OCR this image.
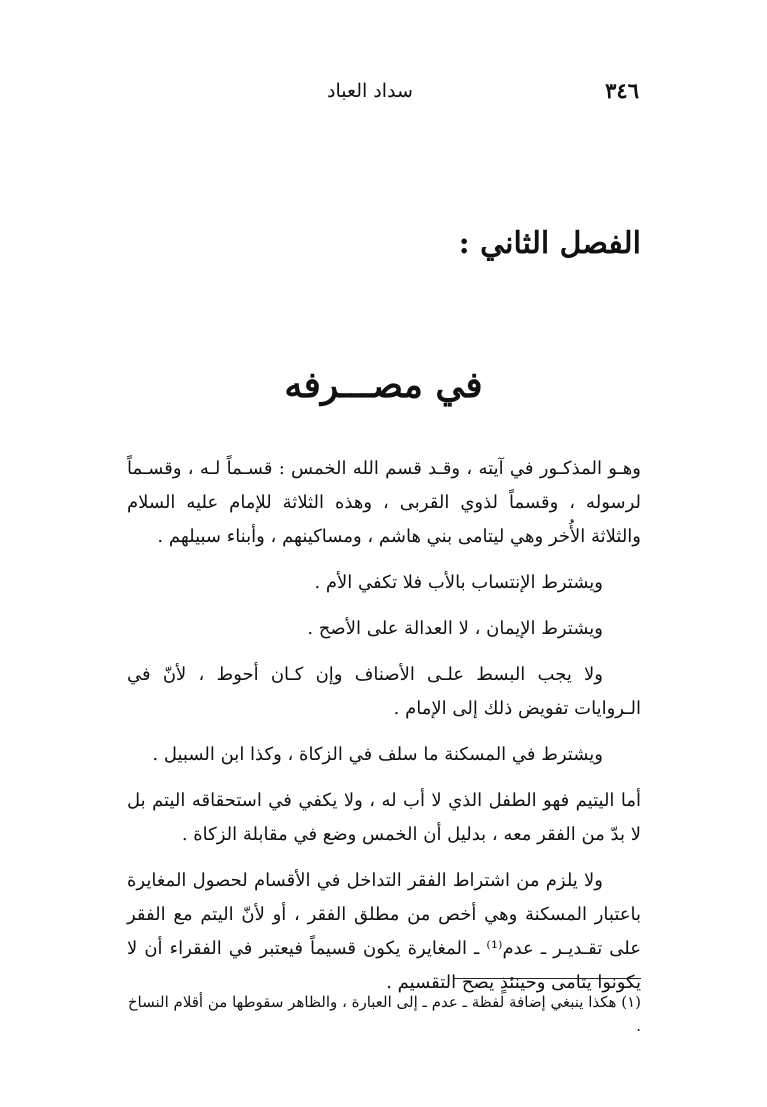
٣٤٦
سداد العباد
الفصل الثاني :
في مصـــرفه

وهـو المذكـور في آيته ، وقـد قسم الله الخمس : قسـماً لـه ، وقسـماً لرسوله ، وقسماً لذوي القربى ، وهذه الثلاثة للإمام عليه السلام والثلاثة الأُخر وهي ليتامى بني هاشم ، ومساكينهم ، وأبناء سبيلهم .

ويشترط الإنتساب بالأب فلا تكفي الأم .

ويشترط الإيمان ، لا العدالة على الأصح .

ولا يجب البسط علـى الأصناف وإن كـان أحوط ، لأنّ في الـروايات تفويض ذلك إلى الإمام .

ويشترط في المسكنة ما سلف في الزكاة ، وكذا ابن السبيل .

أما اليتيم فهو الطفل الذي لا أب له ، ولا يكفي في استحقاقه اليتم بل لا بدّ من الفقر معه ، بدليل أن الخمس وضع في مقابلة الزكاة .

ولا يلزم من اشتراط الفقر التداخل في الأقسام لحصول المغايرة باعتبار المسكنة وهي أخص من مطلق الفقر ، أو لأنّ اليتم مع الفقر على تقـديـر ـ عدم⁽¹⁾ ـ المغايرة يكون قسيماً فيعتبر في الفقراء أن لا يكونوا يتامى وحينئذٍ يصح التقسيم .

(١) هكذا ينبغي إضافة لفظة ـ عدم ـ إلى العبارة ، والظاهر سقوطها من أقلام النساخ .
